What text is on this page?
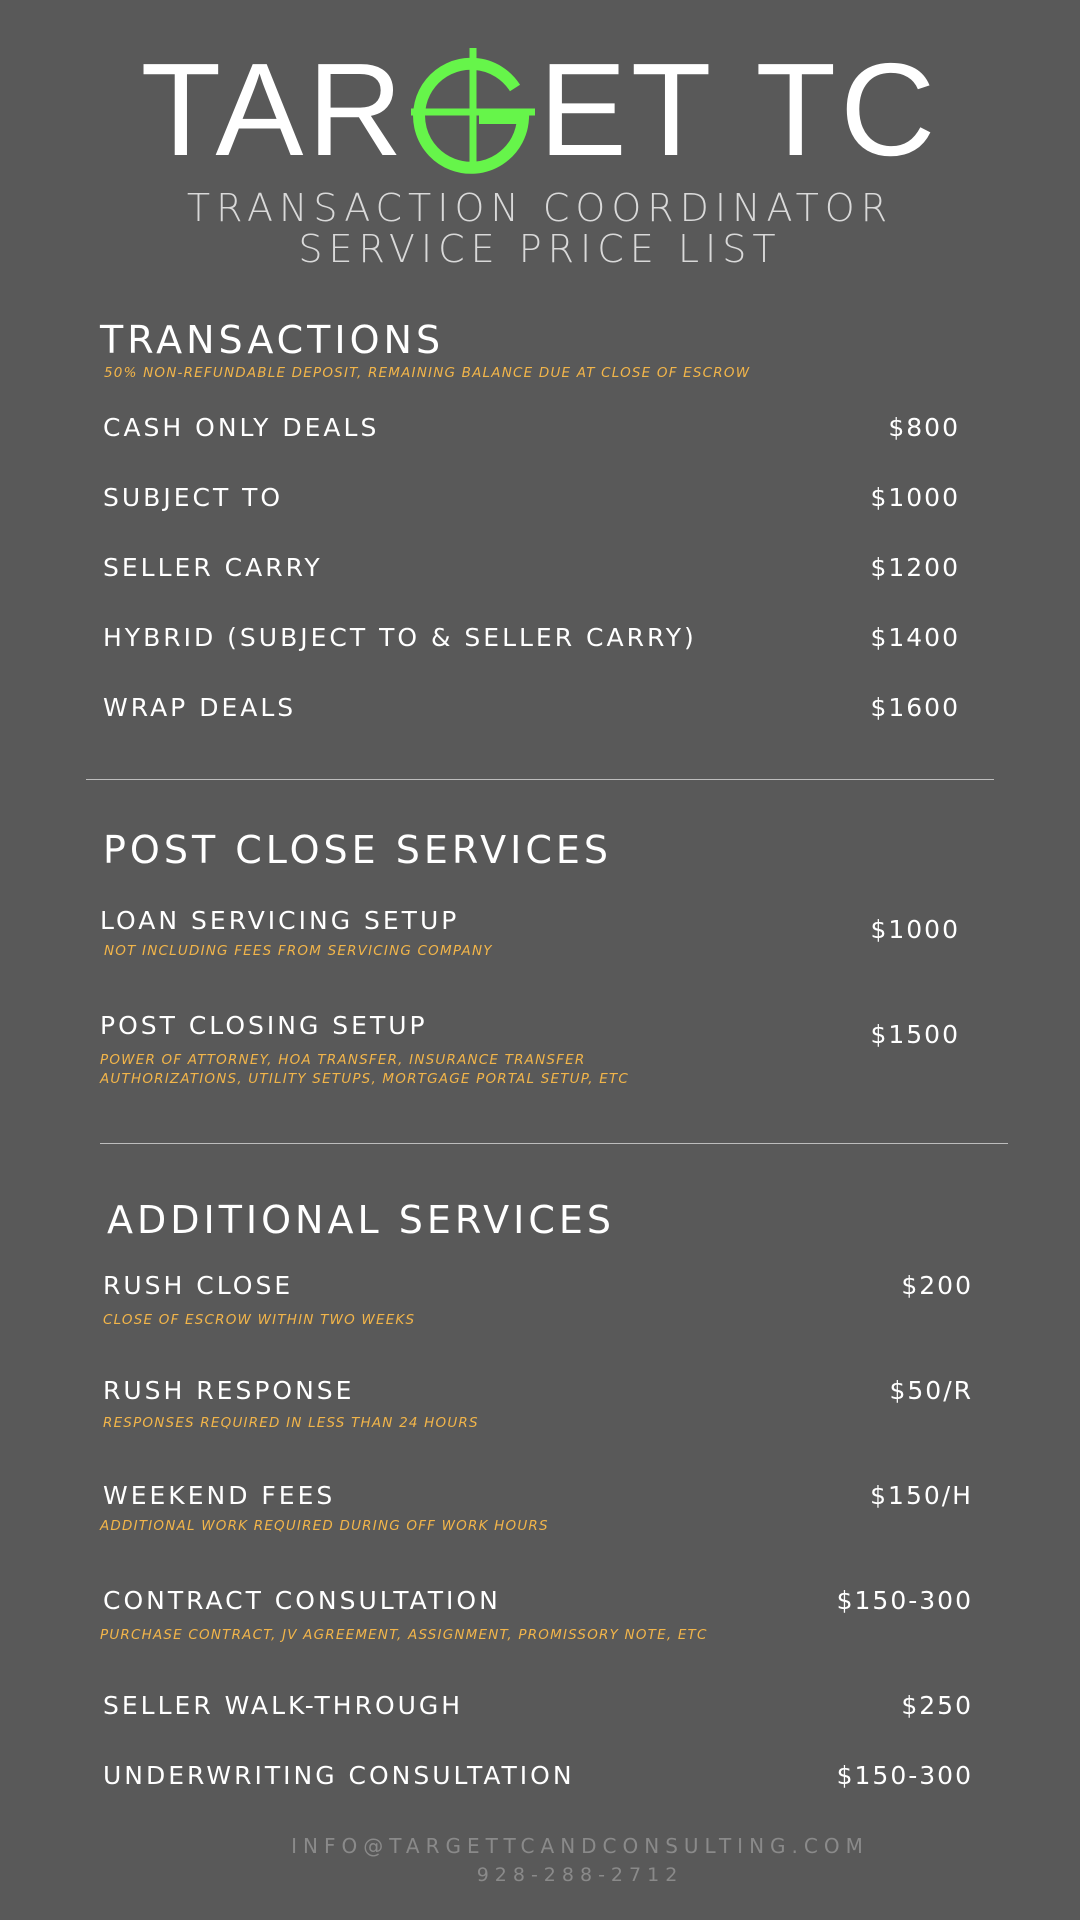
TAR ET TC
TRANSACTION COORDINATOR
SERVICE PRICE LIST
TRANSACTIONS
50% NON-REFUNDABLE DEPOSIT, REMAINING BALANCE DUE AT CLOSE OF ESCROW
CASH ONLY DEALS	$800
SUBJECT TO	$1000
SELLER CARRY	$1200
HYBRID (SUBJECT TO & SELLER CARRY)	$1400
WRAP DEALS	$1600
POST CLOSE SERVICES
LOAN SERVICING SETUP	$1000
NOT INCLUDING FEES FROM SERVICING COMPANY
POST CLOSING SETUP	$1500
POWER OF ATTORNEY, HOA TRANSFER, INSURANCE TRANSFER
AUTHORIZATIONS, UTILITY SETUPS, MORTGAGE PORTAL SETUP, ETC
ADDITIONAL SERVICES
RUSH CLOSE	$200
CLOSE OF ESCROW WITHIN TWO WEEKS
RUSH RESPONSE	$50/R
RESPONSES REQUIRED IN LESS THAN 24 HOURS
WEEKEND FEES	$150/H
ADDITIONAL WORK REQUIRED DURING OFF WORK HOURS
CONTRACT CONSULTATION	$150-300
PURCHASE CONTRACT, JV AGREEMENT, ASSIGNMENT, PROMISSORY NOTE, ETC
SELLER WALK-THROUGH	$250
UNDERWRITING CONSULTATION	$150-300
INFO@TARGETTCANDCONSULTING.COM
928-288-2712
